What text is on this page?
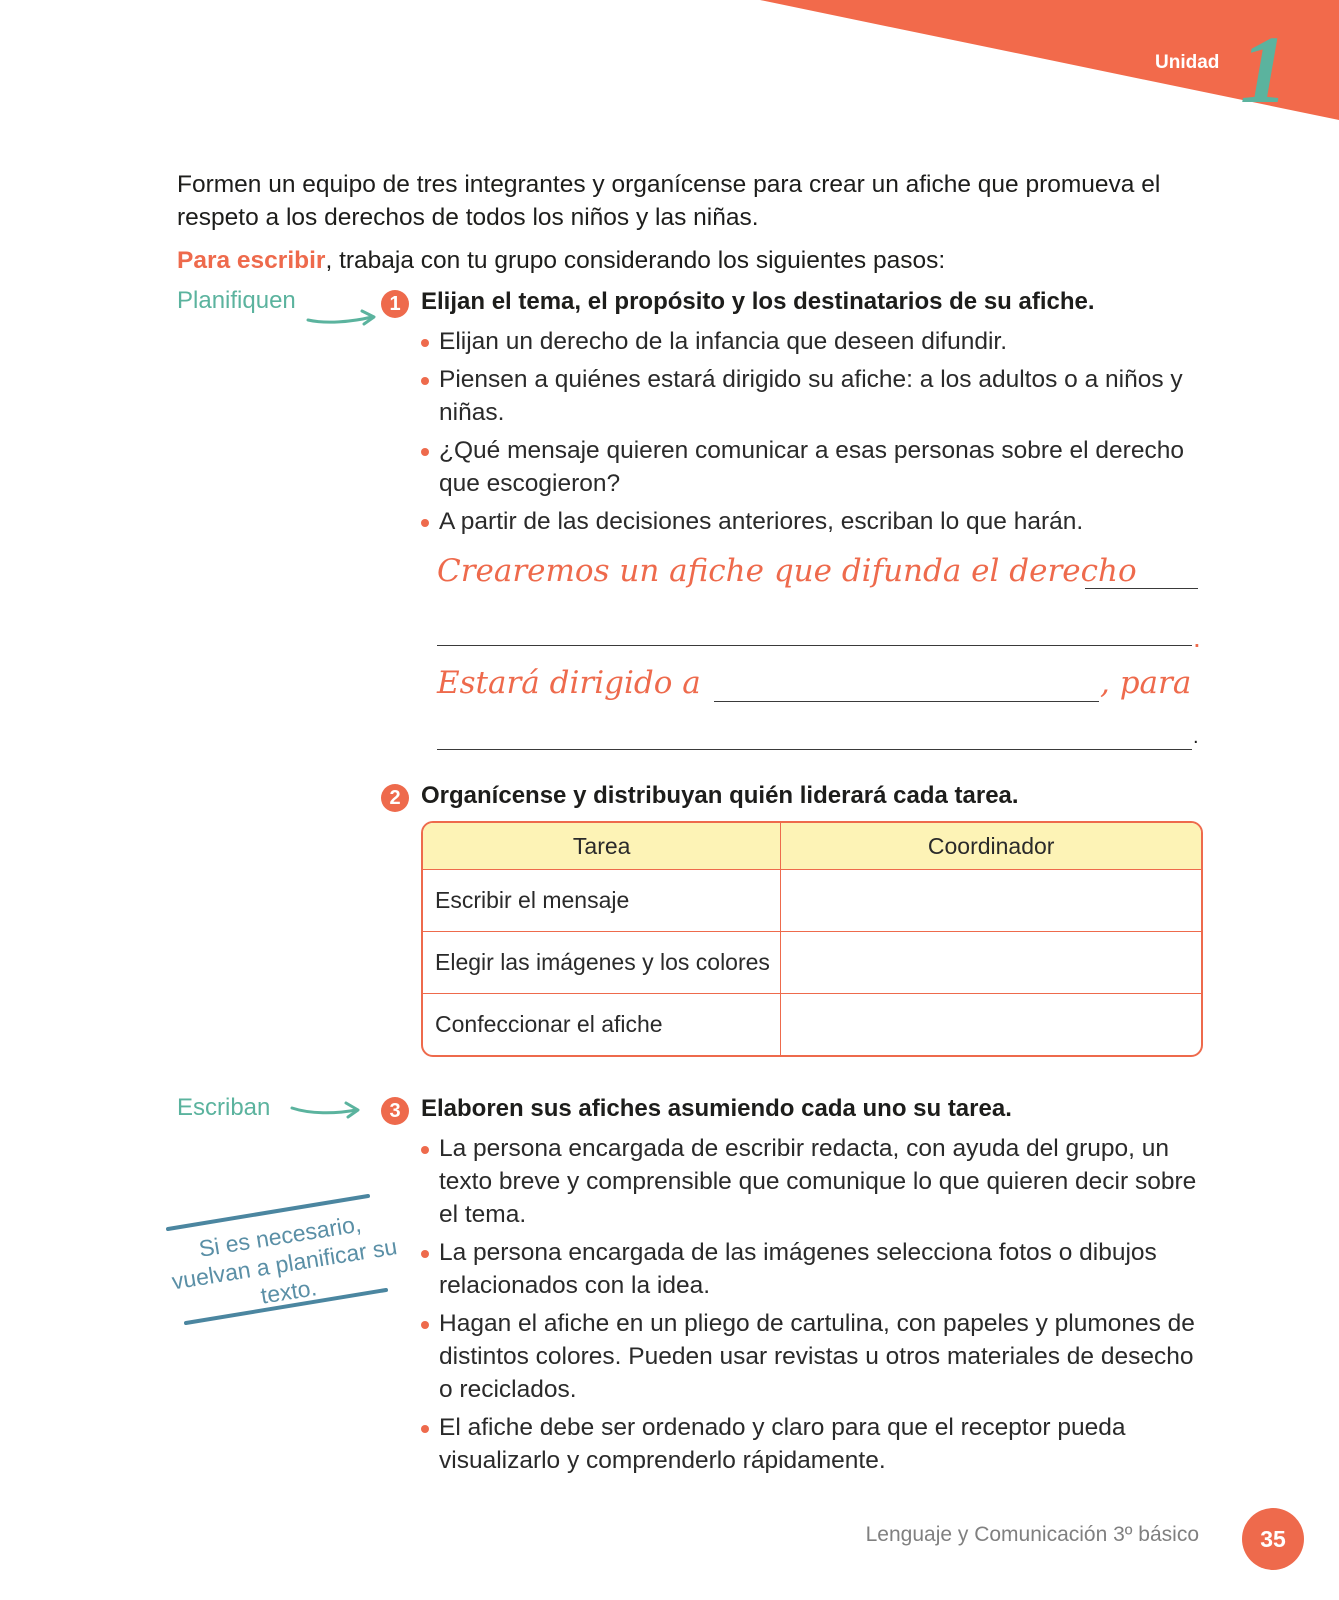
Unidad 1
Formen un equipo de tres integrantes y organícense para crear un afiche que promueva el respeto a los derechos de todos los niños y las niñas.
Para escribir, trabaja con tu grupo considerando los siguientes pasos:
Planifiquen	1 Elijan el tema, el propósito y los destinatarios de su afiche.
Elijan un derecho de la infancia que deseen difundir.
Piensen a quiénes estará dirigido su afiche: a los adultos o a niños y niñas.
¿Qué mensaje quieren comunicar a esas personas sobre el derecho que escogieron?
A partir de las decisiones anteriores, escriban lo que harán.
Crearemos un afiche que difunda el derecho
.
Estará dirigido a	, para
.
2 Organícense y distribuyan quién liderará cada tarea.
Tarea	Coordinador
Escribir el mensaje	
Elegir las imágenes y los colores	
Confeccionar el afiche	
Escriban	3 Elaboren sus afiches asumiendo cada uno su tarea.
La persona encargada de escribir redacta, con ayuda del grupo, un texto breve y comprensible que comunique lo que quieren decir sobre el tema.
La persona encargada de las imágenes selecciona fotos o dibujos relacionados con la idea.
Hagan el afiche en un pliego de cartulina, con papeles y plumones de distintos colores. Pueden usar revistas u otros materiales de desecho o reciclados.
El afiche debe ser ordenado y claro para que el receptor pueda visualizarlo y comprenderlo rápidamente.
Si es necesario, vuelvan a planificar su texto.
Lenguaje y Comunicación 3º básico	35
